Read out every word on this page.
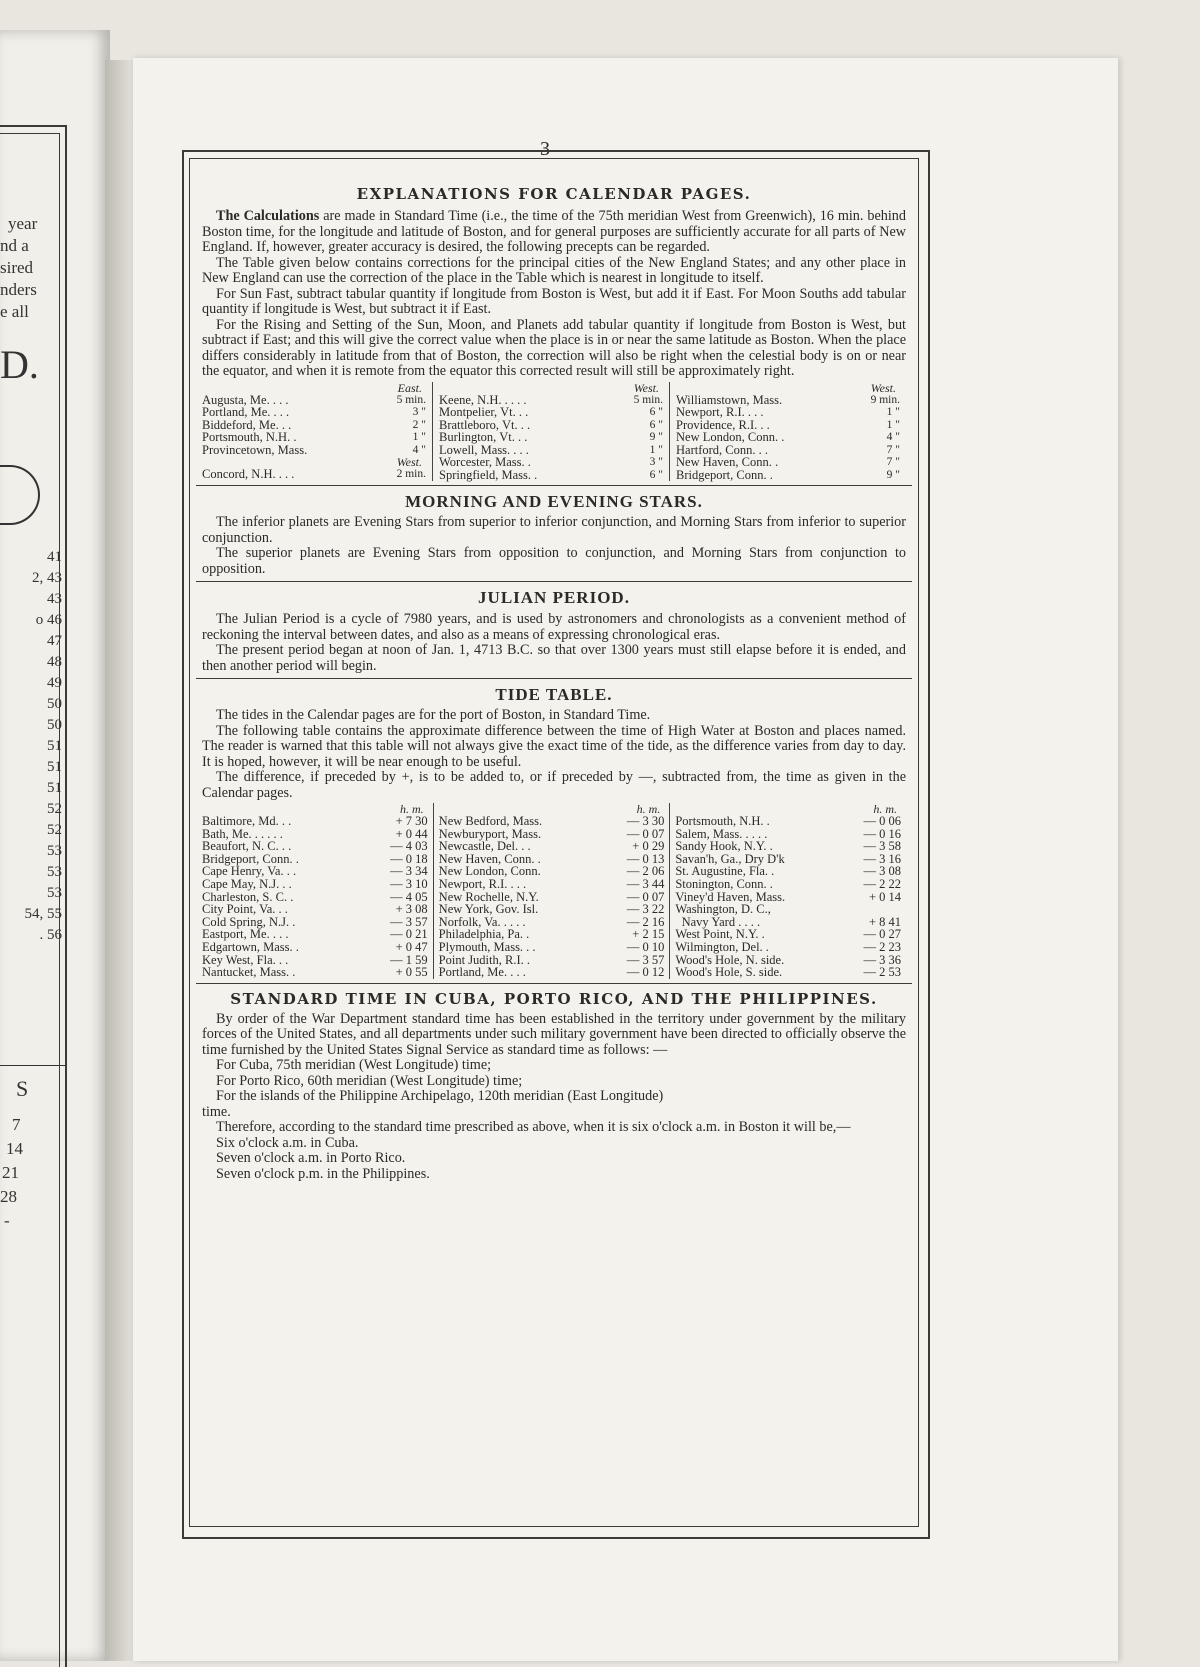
year
nd a
sired
nders
e all
D.
41
2, 43
43
o 46
47
48
49
50
50
51
51
51
52
52
53
53
53
54, 55
. 56
S
7
14
21
28
-
3
EXPLANATIONS FOR CALENDAR PAGES.

The Calculations are made in Standard Time (i.e., the time of the 75th meridian West from Greenwich), 16 min. behind Boston time, for the longitude and latitude of Boston, and for general purposes are sufficiently accurate for all parts of New England. If, however, greater accuracy is desired, the following precepts can be regarded.

The Table given below contains corrections for the principal cities of the New England States; and any other place in New England can use the correction of the place in the Table which is nearest in longitude to itself.

For Sun Fast, subtract tabular quantity if longitude from Boston is West, but add it if East. For Moon Souths add tabular quantity if longitude is West, but subtract it if East.

For the Rising and Setting of the Sun, Moon, and Planets add tabular quantity if longitude from Boston is West, but subtract if East; and this will give the correct value when the place is in or near the same latitude as Boston. When the place differs considerably in latitude from that of Boston, the correction will also be right when the celestial body is on or near the equator, and when it is remote from the equator this corrected result will still be approximately right.

East.
Augusta, Me. . . .	5 min.
Portland, Me. . . .	3 "
Biddeford, Me. . .	2 "
Portsmouth, N.H. .	1 "
Provincetown, Mass.	4 "
West.
Concord, N.H. . . .	2 min.
West.
Keene, N.H. . . . .	5 min.
Montpelier, Vt. . .	6 "
Brattleboro, Vt. . .	6 "
Burlington, Vt. . .	9 "
Lowell, Mass. . . .	1 "
Worcester, Mass. .	3 "
Springfield, Mass. .	6 "
West.
Williamstown, Mass.	9 min.
Newport, R.I. . . .	1 "
Providence, R.I. . .	1 "
New London, Conn. .	4 "
Hartford, Conn. . .	7 "
New Haven, Conn. .	7 "
Bridgeport, Conn. .	9 "
MORNING AND EVENING STARS.

The inferior planets are Evening Stars from superior to inferior conjunction, and Morning Stars from inferior to superior conjunction.

The superior planets are Evening Stars from opposition to conjunction, and Morning Stars from conjunction to opposition.

JULIAN PERIOD.

The Julian Period is a cycle of 7980 years, and is used by astronomers and chronologists as a convenient method of reckoning the interval between dates, and also as a means of expressing chronological eras.

The present period began at noon of Jan. 1, 4713 B.C. so that over 1300 years must still elapse before it is ended, and then another period will begin.

TIDE TABLE.

The tides in the Calendar pages are for the port of Boston, in Standard Time.

The following table contains the approximate difference between the time of High Water at Boston and places named. The reader is warned that this table will not always give the exact time of the tide, as the difference varies from day to day. It is hoped, however, it will be near enough to be useful.

The difference, if preceded by +, is to be added to, or if preceded by —, subtracted from, the time as given in the Calendar pages.

h. m.
Baltimore, Md. . .	+ 7 30
Bath, Me. . . . . .	+ 0 44
Beaufort, N. C. . .	— 4 03
Bridgeport, Conn. .	— 0 18
Cape Henry, Va. . .	— 3 34
Cape May, N.J. . .	— 3 10
Charleston, S. C. .	— 4 05
City Point, Va. . .	+ 3 08
Cold Spring, N.J. .	— 3 57
Eastport, Me. . . .	— 0 21
Edgartown, Mass. .	+ 0 47
Key West, Fla. . .	— 1 59
Nantucket, Mass. .	+ 0 55
h. m.
New Bedford, Mass.	— 3 30
Newburyport, Mass.	— 0 07
Newcastle, Del. . .	+ 0 29
New Haven, Conn. .	— 0 13
New London, Conn.	— 2 06
Newport, R.I. . . .	— 3 44
New Rochelle, N.Y.	— 0 07
New York, Gov. Isl.	— 3 22
Norfolk, Va. . . . .	— 2 16
Philadelphia, Pa. .	+ 2 15
Plymouth, Mass. . .	— 0 10
Point Judith, R.I. .	— 3 57
Portland, Me. . . .	— 0 12
h. m.
Portsmouth, N.H. .	— 0 06
Salem, Mass. . . . .	— 0 16
Sandy Hook, N.Y. .	— 3 58
Savan'h, Ga., Dry D'k	— 3 16
St. Augustine, Fla. .	— 3 08
Stonington, Conn. .	— 2 22
Viney'd Haven, Mass.	+ 0 14
Washington, D. C.,
Navy Yard . . . .	+ 8 41
West Point, N.Y. .	— 0 27
Wilmington, Del. .	— 2 23
Wood's Hole, N. side.	— 3 36
Wood's Hole, S. side.	— 2 53
STANDARD TIME IN CUBA, PORTO RICO, AND THE PHILIPPINES.

By order of the War Department standard time has been established in the territory under government by the military forces of the United States, and all departments under such military government have been directed to officially observe the time furnished by the United States Signal Service as standard time as follows: —

For Cuba, 75th meridian (West Longitude) time;
For Porto Rico, 60th meridian (West Longitude) time;
For the islands of the Philippine Archipelago, 120th meridian (East Longitude)
time.

Therefore, according to the standard time prescribed as above, when it is six o'clock a.m. in Boston it will be,—

Six o'clock a.m. in Cuba.
Seven o'clock a.m. in Porto Rico.
Seven o'clock p.m. in the Philippines.
